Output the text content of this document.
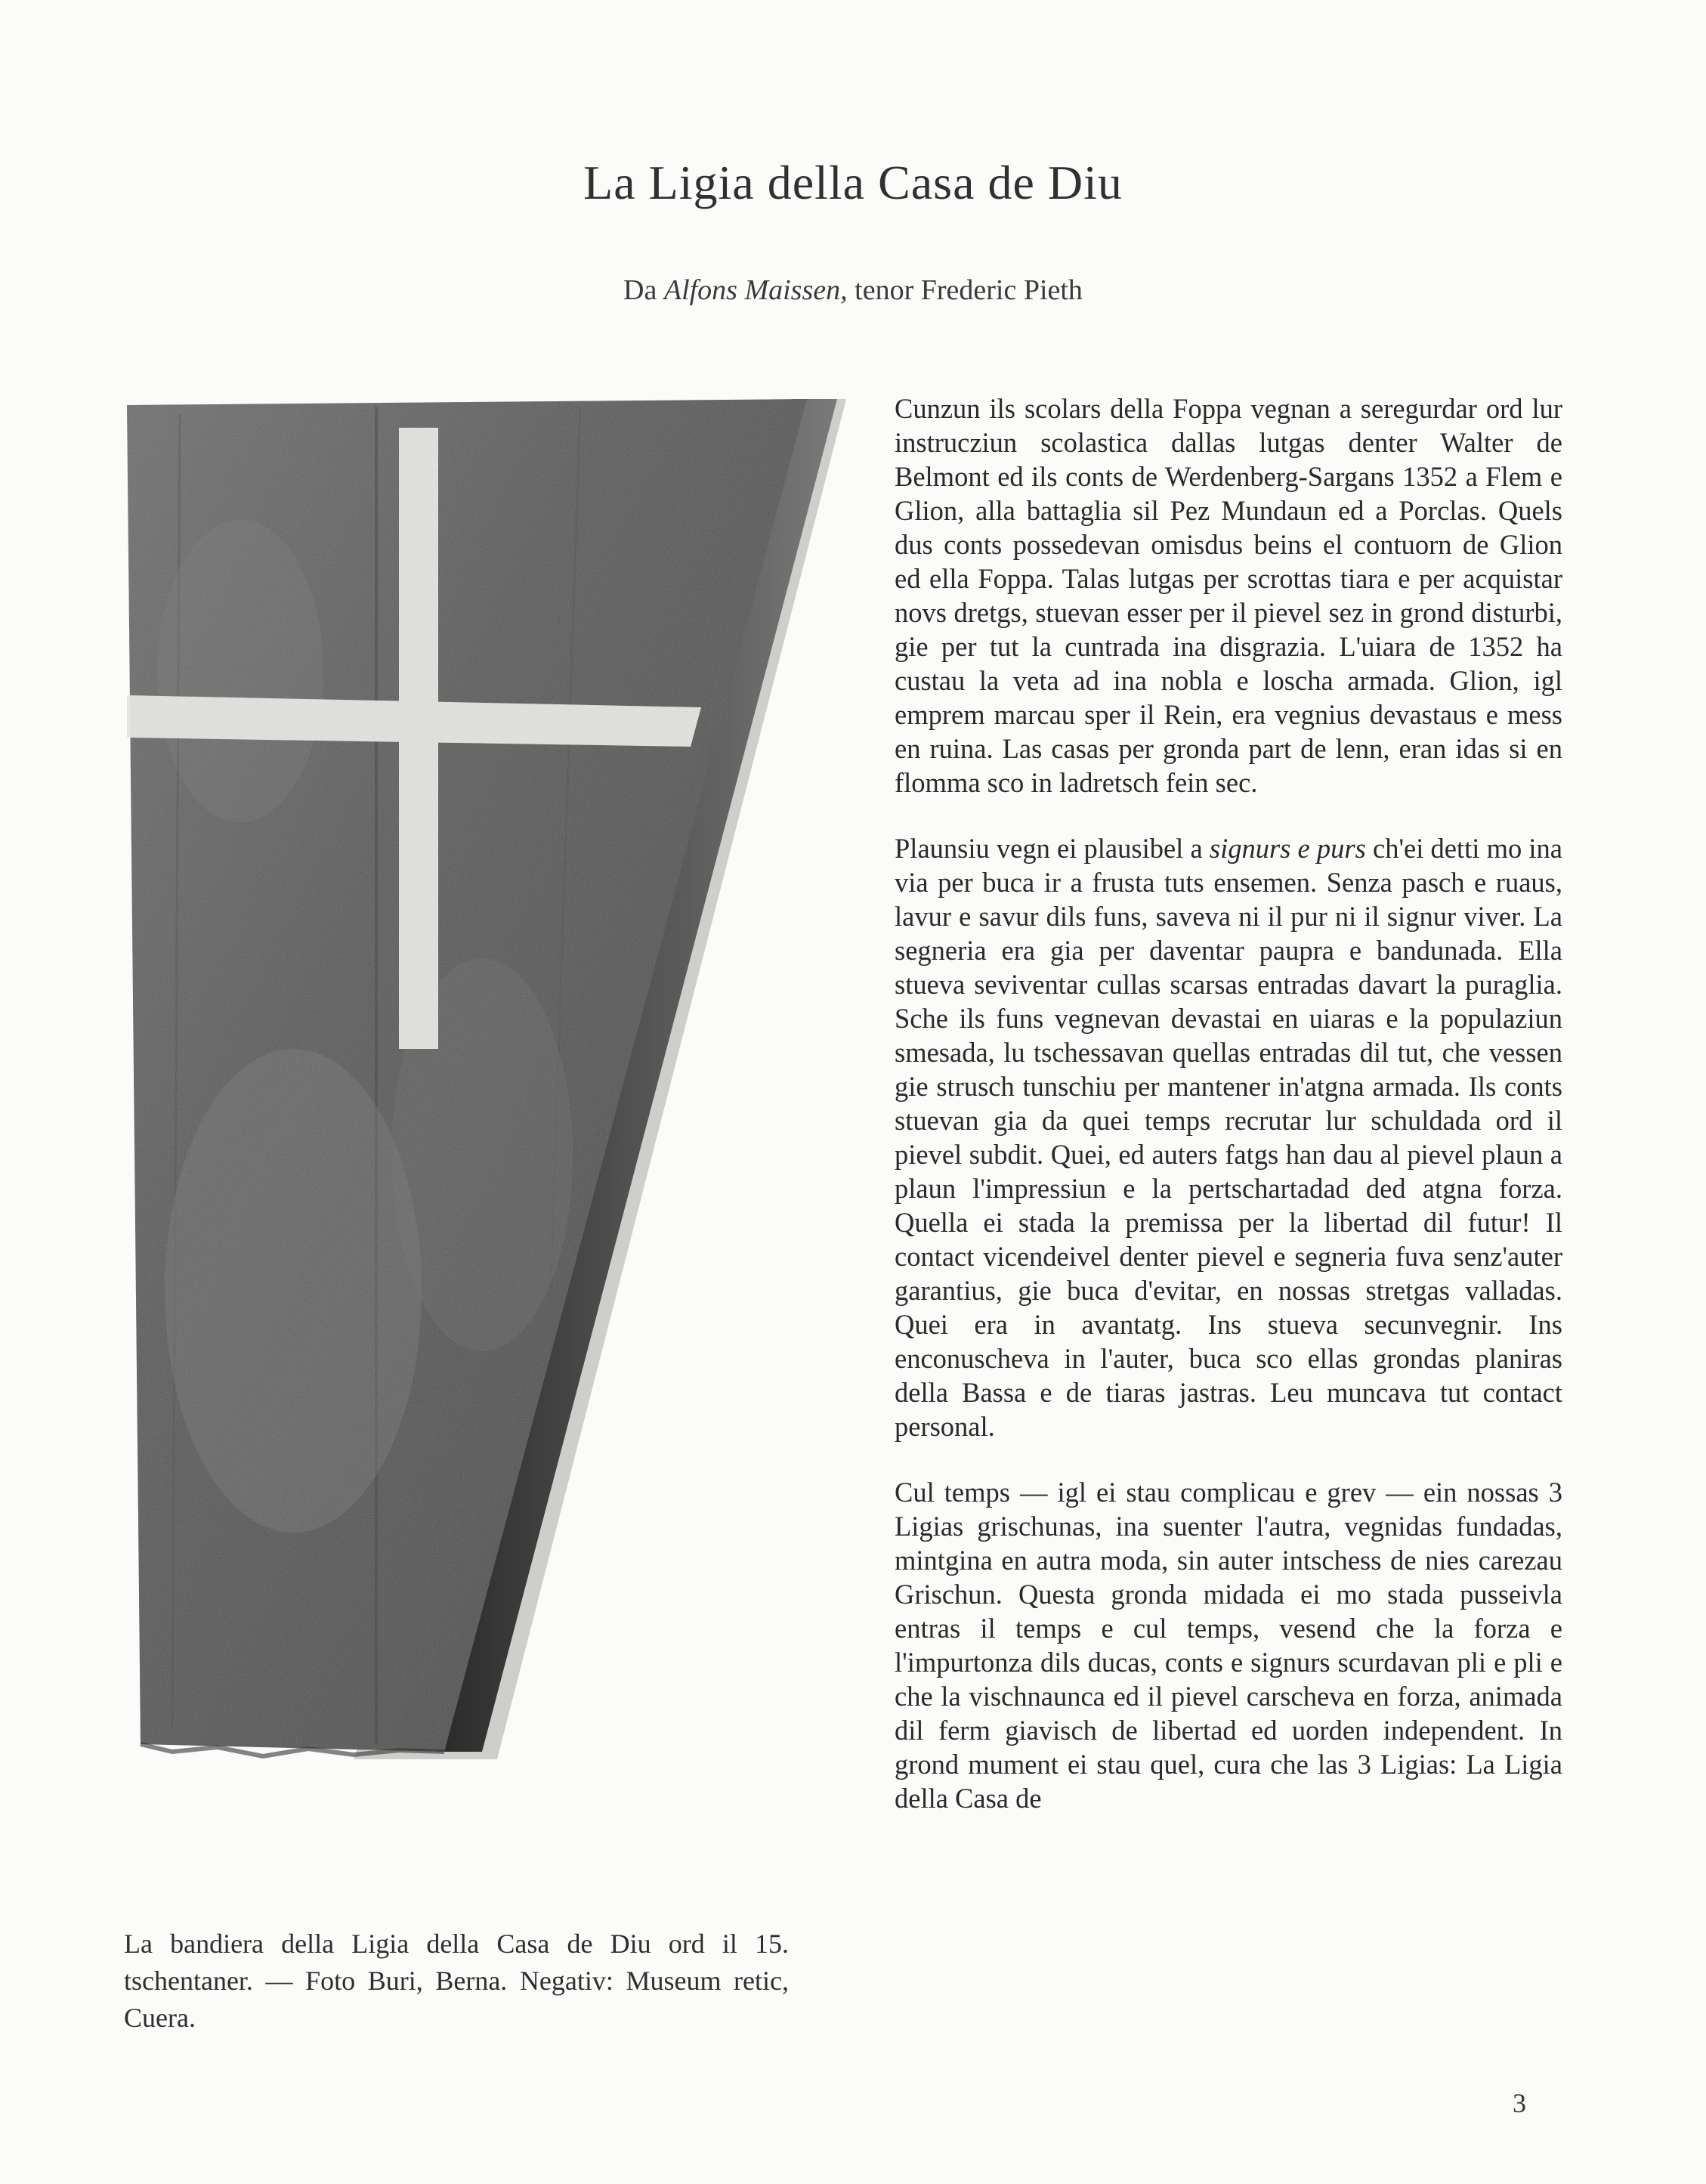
La Ligia della Casa de Diu
Da Alfons Maissen, tenor Frederic Pieth

La bandiera della Ligia della Casa de Diu ord il 15. tschentaner. — Foto Buri, Berna. Negativ: Museum retic, Cuera.

Cunzun ils scolars della Foppa vegnan a seregurdar ord lur instrucziun scolastica dallas lutgas denter Walter de Belmont ed ils conts de Werdenberg-Sargans 1352 a Flem e Glion, alla battaglia sil Pez Mundaun ed a Porclas. Quels dus conts possedevan omisdus beins el contuorn de Glion ed ella Foppa. Talas lutgas per scrottas tiara e per acquistar novs dretgs, stuevan esser per il pievel sez in grond disturbi, gie per tut la cuntrada ina disgrazia. L'uiara de 1352 ha custau la veta ad ina nobla e loscha armada. Glion, igl emprem marcau sper il Rein, era vegnius devastaus e mess en ruina. Las casas per gronda part de lenn, eran idas si en flomma sco in ladretsch fein sec.

Plaunsiu vegn ei plausibel a signurs e purs ch'ei detti mo ina via per buca ir a frusta tuts ensemen. Senza pasch e ruaus, lavur e savur dils funs, saveva ni il pur ni il signur viver. La segneria era gia per daventar paupra e bandunada. Ella stueva seviventar cullas scarsas entradas davart la puraglia. Sche ils funs vegnevan devastai en uiaras e la populaziun smesada, lu tschessavan quellas entradas dil tut, che vessen gie strusch tunschiu per mantener in'atgna armada. Ils conts stuevan gia da quei temps recrutar lur schuldada ord il pievel subdit. Quei, ed auters fatgs han dau al pievel plaun a plaun l'impressiun e la pertschartadad ded atgna forza. Quella ei stada la premissa per la libertad dil futur! Il contact vicendeivel denter pievel e segneria fuva senz'auter garantius, gie buca d'evitar, en nossas stretgas valladas. Quei era in avantatg. Ins stueva secunvegnir. Ins enconuscheva in l'auter, buca sco ellas grondas planiras della Bassa e de tiaras jastras. Leu muncava tut contact personal.

Cul temps — igl ei stau complicau e grev — ein nossas 3 Ligias grischunas, ina suenter l'autra, vegnidas fundadas, mintgina en autra moda, sin auter intschess de nies carezau Grischun. Questa gronda midada ei mo stada pusseivla entras il temps e cul temps, vesend che la forza e l'impurtonza dils ducas, conts e signurs scurdavan pli e pli e che la vischnaunca ed il pievel carscheva en forza, animada dil ferm giavisch de libertad ed uorden independent. In grond mument ei stau quel, cura che las 3 Ligias: La Ligia della Casa de

3
